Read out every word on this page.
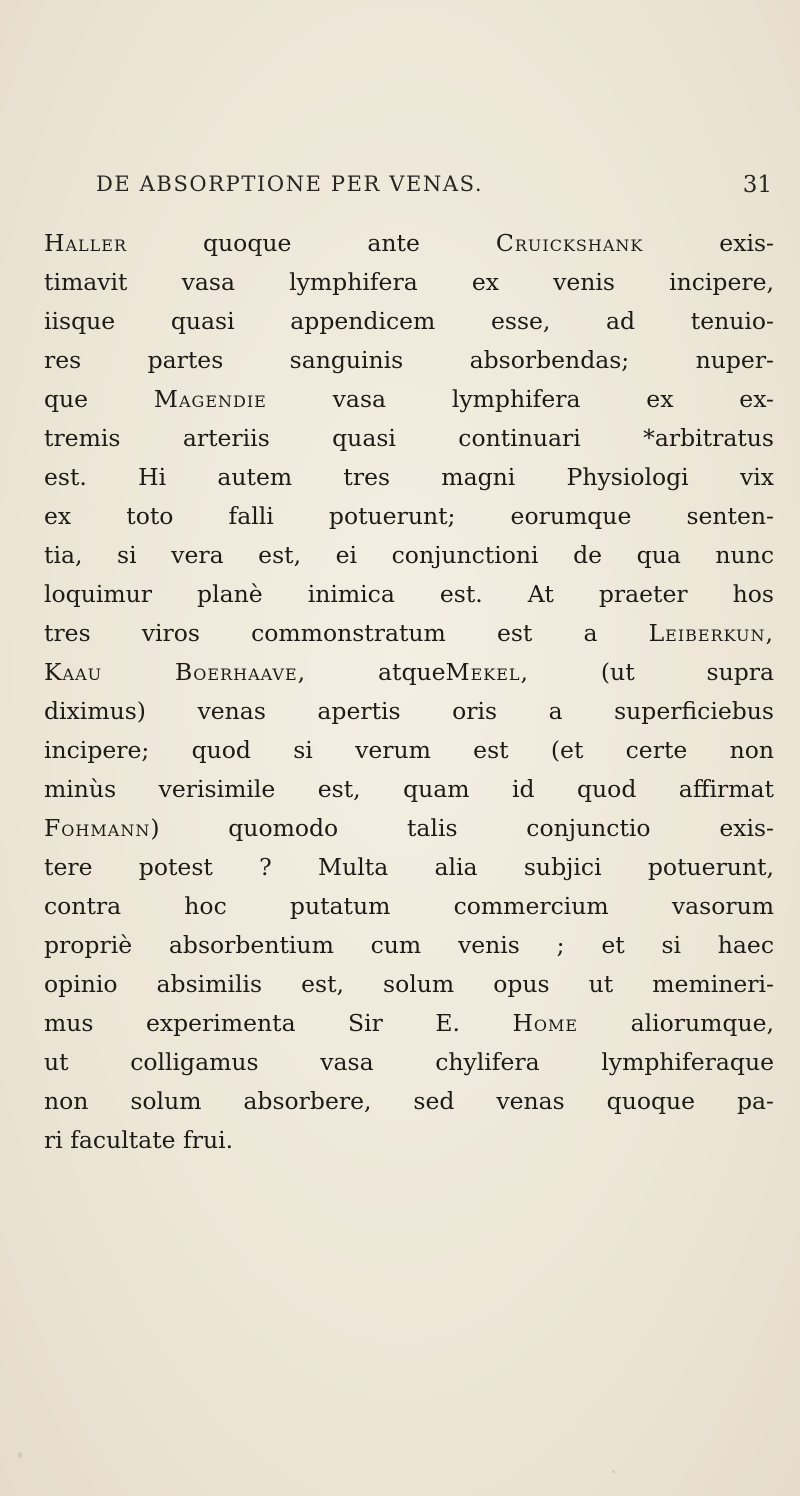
DE ABSORPTIONE PER VENAS.	31
Haller quoque ante Cruickshank exis-
timavit vasa lymphifera ex venis incipere,
iisque quasi appendicem esse, ad tenuio-
res partes sanguinis absorbendas; nuper-
que Magendie vasa lymphifera ex ex-
tremis arteriis quasi continuari *arbitratus
est. Hi autem tres magni Physiologi vix
ex toto falli potuerunt; eorumque senten-
tia, si vera est, ei conjunctioni de qua nunc
loquimur planè inimica est. At praeter hos
tres viros commonstratum est a Leiberkun,
Kaau Boerhaave, atqueMekel, (ut supra
diximus) venas apertis oris a superficiebus
incipere; quod si verum est (et certe non
minùs verisimile est, quam id quod affirmat
Fohmann) quomodo talis conjunctio exis-
tere potest ? Multa alia subjici potuerunt,
contra hoc putatum commercium vasorum
propriè absorbentium cum venis ; et si haec
opinio absimilis est, solum opus ut memineri-
mus experimenta Sir E. Home aliorumque,
ut colligamus vasa chylifera lymphiferaque
non solum absorbere, sed venas quoque pa-
ri facultate frui.
